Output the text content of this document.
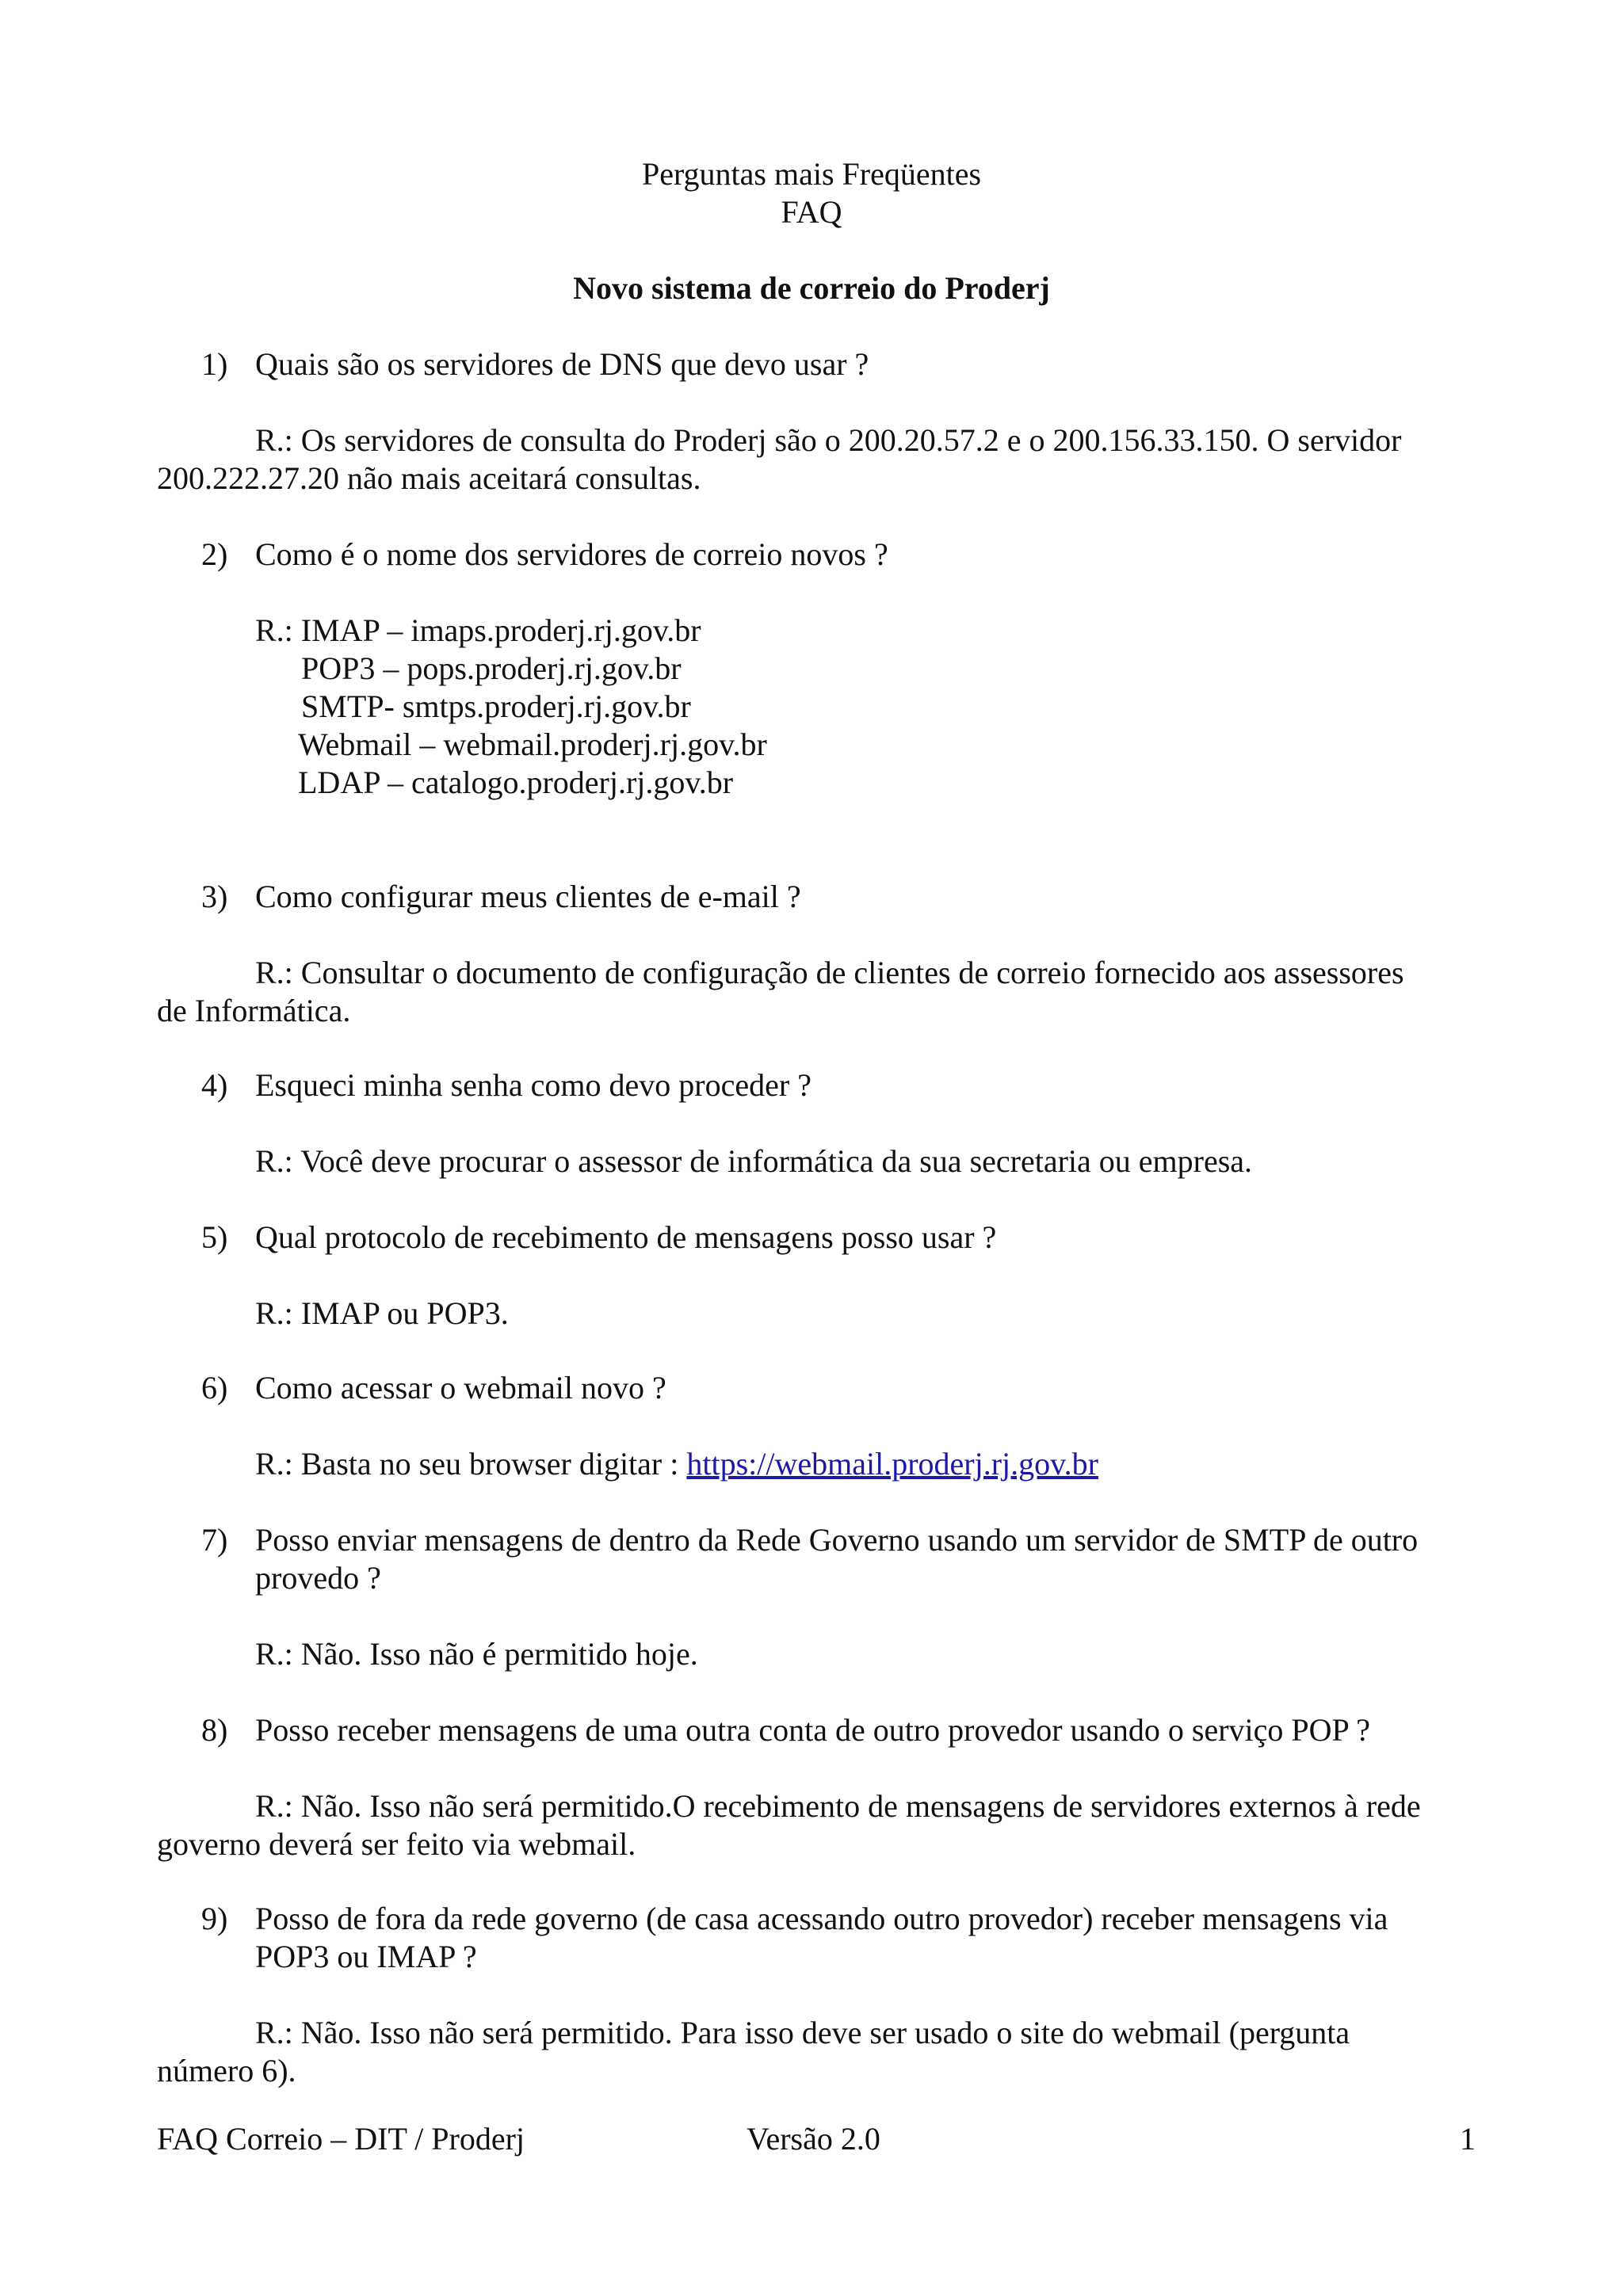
Perguntas mais Freqüentes
FAQ
Novo sistema de correio do Proderj
1) Quais são os servidores de DNS que devo usar ?
R.: Os servidores de consulta do Proderj são o 200.20.57.2 e o 200.156.33.150. O servidor
200.222.27.20 não mais aceitará consultas.
2) Como é o nome dos servidores de correio novos ?
R.: IMAP – imaps.proderj.rj.gov.br
POP3 – pops.proderj.rj.gov.br
SMTP- smtps.proderj.rj.gov.br
Webmail – webmail.proderj.rj.gov.br
LDAP – catalogo.proderj.rj.gov.br
3) Como configurar meus clientes de e-mail ?
R.: Consultar o documento de configuração de clientes de correio fornecido aos assessores
de Informática.
4) Esqueci minha senha como devo proceder ?
R.: Você deve procurar o assessor de informática da sua secretaria ou empresa.
5) Qual protocolo de recebimento de mensagens posso usar ?
R.: IMAP ou POP3.
6) Como acessar o webmail novo ?
R.: Basta no seu browser digitar : https://webmail.proderj.rj.gov.br
7) Posso enviar mensagens de dentro da Rede Governo usando um servidor de SMTP de outro
provedo ?
R.: Não. Isso não é permitido hoje.
8) Posso receber mensagens de uma outra conta de outro provedor usando o serviço POP ?
R.: Não. Isso não será permitido.O recebimento de mensagens de servidores externos à rede
governo deverá ser feito via webmail.
9) Posso de fora da rede governo (de casa acessando outro provedor) receber mensagens via
POP3 ou IMAP ?
R.: Não. Isso não será permitido. Para isso deve ser usado o site do webmail (pergunta
número 6).
FAQ Correio – DIT / Proderj	Versão 2.0	1
